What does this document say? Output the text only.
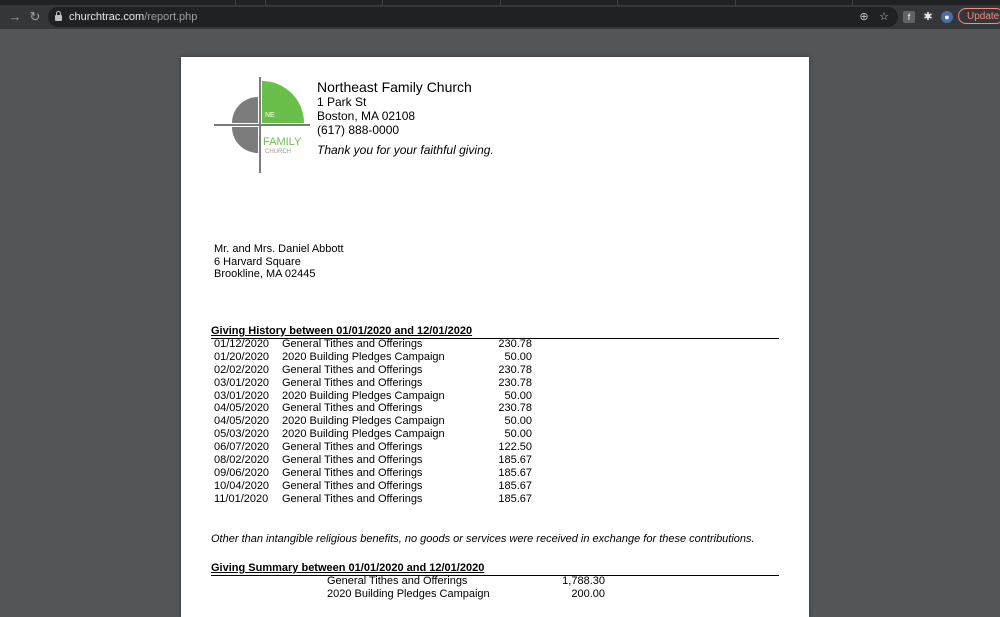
→ ↻	churchtrac.com/report.php	⊕ ☆	f	✱	●	Update
NE
FAMILY
CHURCH
Northeast Family Church
1 Park St
Boston, MA 02108
(617) 888-0000
Thank you for your faithful giving.
Mr. and Mrs. Daniel Abbott
6 Harvard Square
Brookline, MA 02445
Giving History between 01/01/2020 and 12/01/2020
01/12/2020 General Tithes and Offerings	230.78
01/20/2020 2020 Building Pledges Campaign	50.00
02/02/2020 General Tithes and Offerings	230.78
03/01/2020 General Tithes and Offerings	230.78
03/01/2020 2020 Building Pledges Campaign	50.00
04/05/2020 General Tithes and Offerings	230.78
04/05/2020 2020 Building Pledges Campaign	50.00
05/03/2020 2020 Building Pledges Campaign	50.00
06/07/2020 General Tithes and Offerings	122.50
08/02/2020 General Tithes and Offerings	185.67
09/06/2020 General Tithes and Offerings	185.67
10/04/2020 General Tithes and Offerings	185.67
11/01/2020 General Tithes and Offerings	185.67
Other than intangible religious benefits, no goods or services were received in exchange for these contributions.
Giving Summary between 01/01/2020 and 12/01/2020
General Tithes and Offerings	1,788.30
2020 Building Pledges Campaign	200.00
